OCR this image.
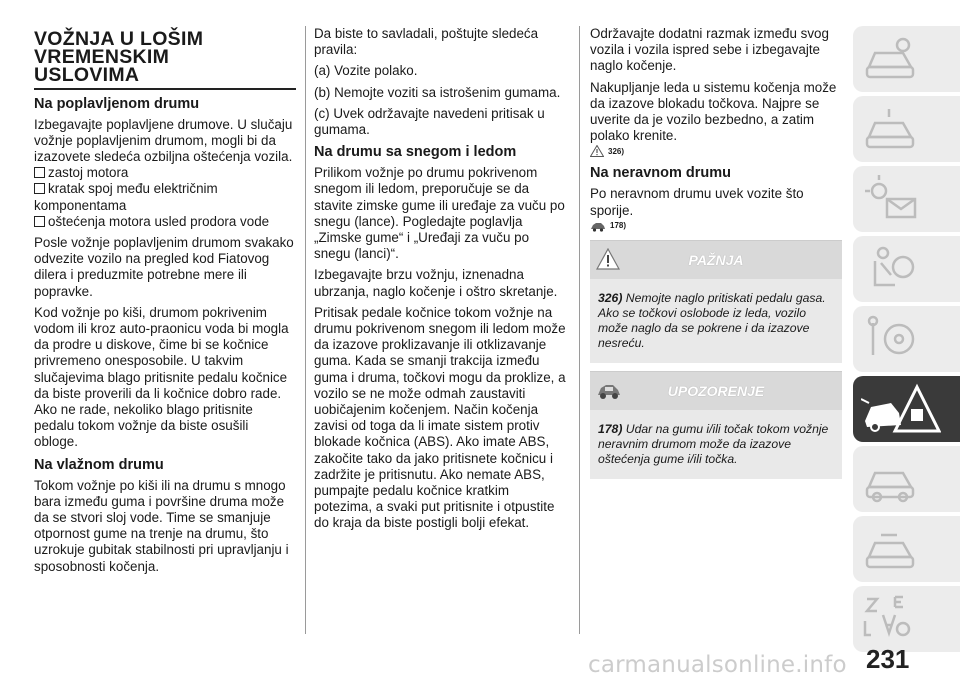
VOŽNJA U LOŠIM
VREMENSKIM
USLOVIMA
Na poplavljenom drumu

Izbegavajte poplavljene drumove. U slučaju vožnje poplavljenim drumom, mogli bi da izazovete sledeća ozbiljna oštećenja vozila.

zastoj motora
kratak spoj među električnim komponentama
oštećenja motora usled prodora vode

Posle vožnje poplavljenim drumom svakako odvezite vozilo na pregled kod Fiatovog dilera i preduzmite potrebne mere ili popravke.

Kod vožnje po kiši, drumom pokrivenim vodom ili kroz auto-praonicu voda bi mogla da prodre u diskove, čime bi se kočnice privremeno onesposobile. U takvim slučajevima blago pritisnite pedalu kočnice da biste proverili da li kočnice dobro rade. Ako ne rade, nekoliko blago pritisnite pedalu tokom vožnje da biste osušili obloge.

Na vlažnom drumu

Tokom vožnje po kiši ili na drumu s mnogo bara između guma i površine druma može da se stvori sloj vode. Time se smanjuje otpornost gume na trenje na drumu, što uzrokuje gubitak stabilnosti pri upravljanju i sposobnosti kočenja.

Da biste to savladali, poštujte sledeća pravila:

(a) Vozite polako.

(b) Nemojte voziti sa istrošenim gumama.

(c) Uvek održavajte navedeni pritisak u gumama.

Na drumu sa snegom i ledom

Prilikom vožnje po drumu pokrivenom snegom ili ledom, preporučuje se da stavite zimske gume ili uređaje za vuču po snegu (lance). Pogledajte poglavlja „Zimske gume“ i „Uređaji za vuču po snegu (lanci)“.

Izbegavajte brzu vožnju, iznenadna ubrzanja, naglo kočenje i oštro skretanje.

Pritisak pedale kočnice tokom vožnje na drumu pokrivenom snegom ili ledom može da izazove proklizavanje ili otklizavanje guma. Kada se smanji trakcija između guma i druma, točkovi mogu da proklize, a vozilo se ne može odmah zaustaviti uobičajenim kočenjem. Način kočenja zavisi od toga da li imate sistem protiv blokade kočnica (ABS). Ako imate ABS, zakočite tako da jako pritisnete kočnicu i zadržite je pritisnutu. Ako nemate ABS, pumpajte pedalu kočnice kratkim potezima, a svaki put pritisnite i otpustite do kraja da biste postigli bolji efekat.

Održavajte dodatni razmak između svog vozila i vozila ispred sebe i izbegavajte naglo kočenje.

Nakupljanje leda u sistemu kočenja može da izazove blokadu točkova. Najpre se uverite da je vozilo bezbedno, a zatim polako krenite.

326)
Na neravnom drumu

Po neravnom drumu uvek vozite što sporije.

178)
PAŽNJA
326) Nemojte naglo pritiskati pedalu gasa. Ako se točkovi oslobode iz leda, vozilo može naglo da se pokrene i da izazove nesreću.
UPOZORENJE
178) Udar na gumu i/ili točak tokom vožnje neravnim drumom može da izazove oštećenja gume i/ili točka.
231
carmanualsonline.info
